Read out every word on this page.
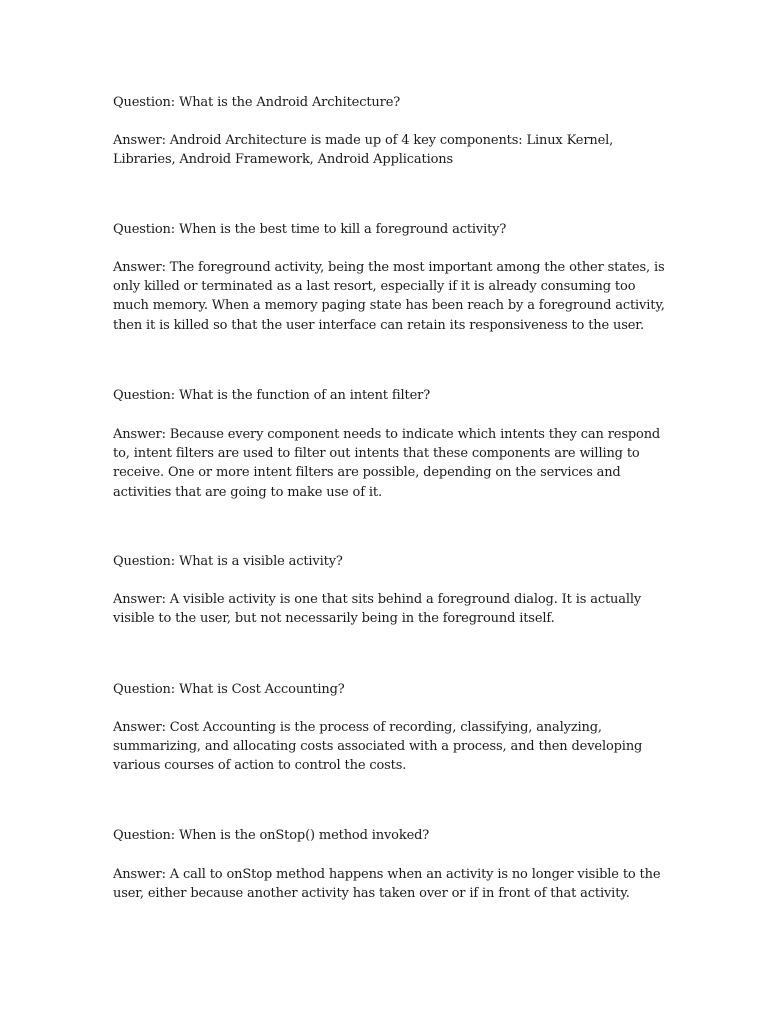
Question: What is the Android Architecture?

Answer: Android Architecture is made up of 4 key components: Linux Kernel, Libraries, Android Framework, Android Applications

Question: When is the best time to kill a foreground activity?

Answer: The foreground activity, being the most important among the other states, is only killed or terminated as a last resort, especially if it is already consuming too much memory. When a memory paging state has been reach by a foreground activity, then it is killed so that the user interface can retain its responsiveness to the user.

Question: What is the function of an intent filter?

Answer: Because every component needs to indicate which intents they can respond to, intent filters are used to filter out intents that these components are willing to receive. One or more intent filters are possible, depending on the services and activities that are going to make use of it.

Question: What is a visible activity?

Answer: A visible activity is one that sits behind a foreground dialog. It is actually visible to the user, but not necessarily being in the foreground itself.

Question: What is Cost Accounting?

Answer: Cost Accounting is the process of recording, classifying, analyzing, summarizing, and allocating costs associated with a process, and then developing various courses of action to control the costs.

Question: When is the onStop() method invoked?

Answer: A call to onStop method happens when an activity is no longer visible to the user, either because another activity has taken over or if in front of that activity.
